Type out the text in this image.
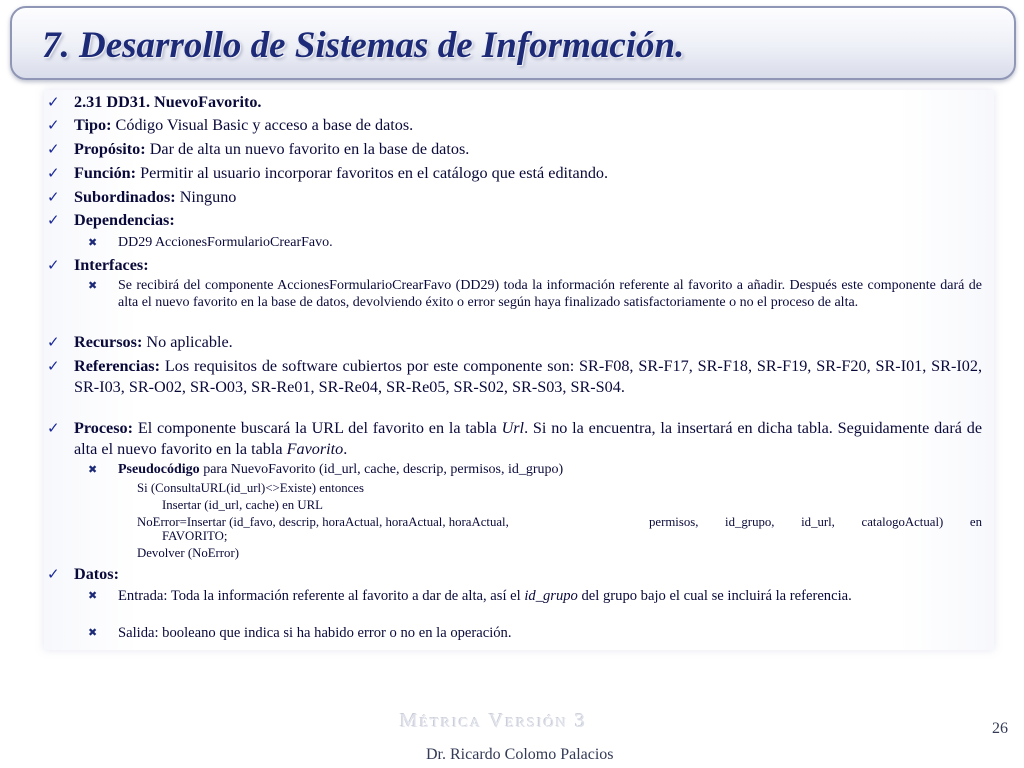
7. Desarrollo de Sistemas de Información.
✓ 2.31 DD31. NuevoFavorito.
✓ Tipo: Código Visual Basic y acceso a base de datos.
✓ Propósito: Dar de alta un nuevo favorito en la base de datos.
✓ Función: Permitir al usuario incorporar favoritos en el catálogo que está editando.
✓ Subordinados: Ninguno
✓ Dependencias:
✖ DD29 AccionesFormularioCrearFavo.
✓ Interfaces:
✖ Se recibirá del componente AccionesFormularioCrearFavo (DD29) toda la información referente al favorito a añadir. Después este componente dará de alta el nuevo favorito en la base de datos, devolviendo éxito o error según haya finalizado satisfactoriamente o no el proceso de alta.
✓ Recursos: No aplicable.
✓ Referencias: Los requisitos de software cubiertos por este componente son: SR-F08, SR-F17, SR-F18, SR-F19, SR-F20, SR-I01, SR-I02, SR-I03, SR-O02, SR-O03, SR-Re01, SR-Re04, SR-Re05, SR-S02, SR-S03, SR-S04.
✓ Proceso: El componente buscará la URL del favorito en la tabla Url. Si no la encuentra, la insertará en dicha tabla. Seguidamente dará de alta el nuevo favorito en la tabla Favorito.
✖ Pseudocódigo para NuevoFavorito (id_url, cache, descrip, permisos, id_grupo)
Si (ConsultaURL(id_url)<>Existe) entonces
Insertar (id_url, cache) en URL
NoError=Insertar (id_favo, descrip, horaActual, horaActual, horaActual,	permisos, id_grupo, id_url, catalogoActual) en
FAVORITO;
Devolver (NoError)
✓ Datos:
✖ Entrada: Toda la información referente al favorito a dar de alta, así el id_grupo del grupo bajo el cual se incluirá la referencia.
✖ Salida: booleano que indica si ha habido error o no en la operación.
Métrica Versión 3	26
Dr. Ricardo Colomo Palacios
